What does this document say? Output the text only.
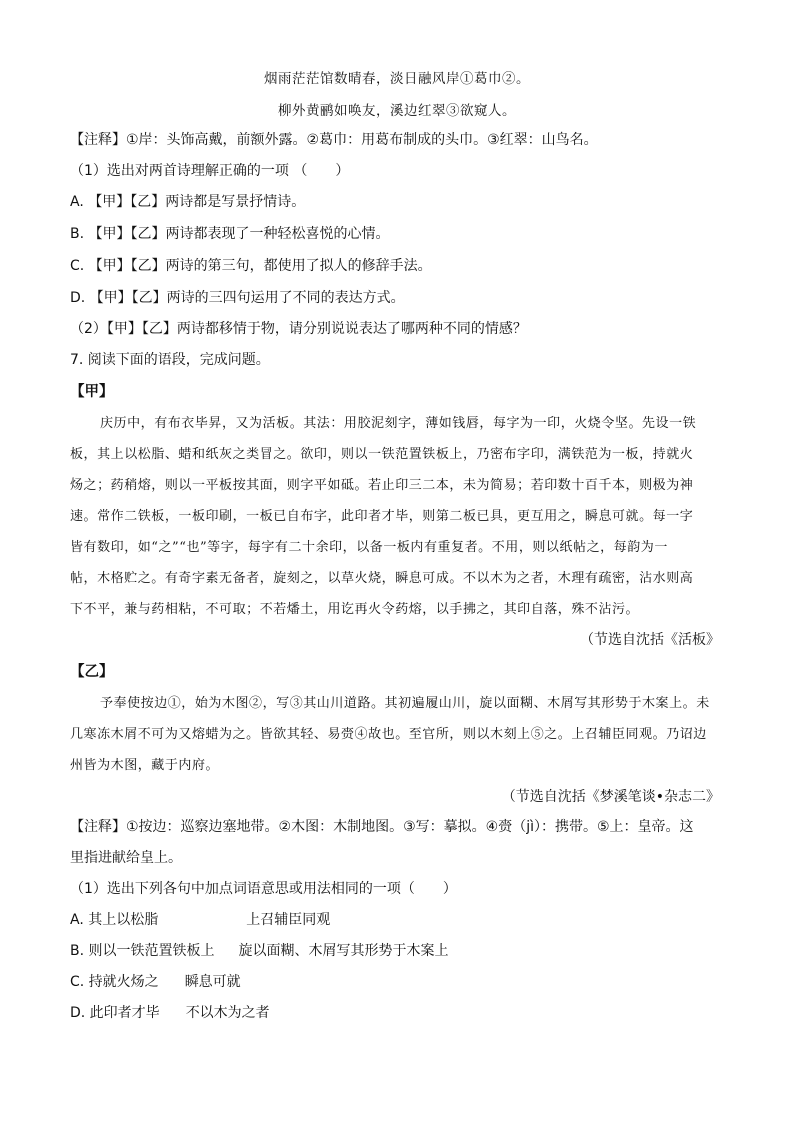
烟雨茫茫馆数晴春，淡日融风岸①葛巾②。
柳外黄鹂如唤友，溪边红翠③欲窥人。
【注释】①岸：头饰高戴，前额外露。②葛巾：用葛布制成的头巾。③红翠：山鸟名。
（1）选出对两首诗理解正确的一项 （　　）
A. 【甲】【乙】两诗都是写景抒情诗。
B. 【甲】【乙】两诗都表现了一种轻松喜悦的心情。
C. 【甲】【乙】两诗的第三句，都使用了拟人的修辞手法。
D. 【甲】【乙】两诗的三四句运用了不同的表达方式。
（2）【甲】【乙】两诗都移情于物，请分别说说表达了哪两种不同的情感？
7. 阅读下面的语段，完成问题。
【甲】
庆历中，有布衣毕昇，又为活板。其法：用胶泥刻字，薄如钱唇，每字为一印，火烧令坚。先设一铁
板，其上以松脂、蜡和纸灰之类冒之。欲印，则以一铁范置铁板上，乃密布字印，满铁范为一板，持就火
炀之；药稍熔，则以一平板按其面，则字平如砥。若止印三二本，未为简易；若印数十百千本，则极为神
速。常作二铁板，一板印刷，一板已自布字，此印者才毕，则第二板已具，更互用之，瞬息可就。每一字
皆有数印，如“之”“也”等字，每字有二十余印，以备一板内有重复者。不用，则以纸帖之，每韵为一
帖，木格贮之。有奇字素无备者，旋刻之，以草火烧，瞬息可成。不以木为之者，木理有疏密，沾水则高
下不平，兼与药相粘，不可取；不若燔土，用讫再火令药熔，以手拂之，其印自落，殊不沾污。
（节选自沈括《活板》
【乙】
予奉使按边①，始为木图②，写③其山川道路。其初遍履山川，旋以面糊、木屑写其形势于木案上。未
几寒冻木屑不可为又熔蜡为之。皆欲其轻、易赍④故也。至官所，则以木刻上⑤之。上召辅臣同观。乃诏边
州皆为木图，藏于内府。
（节选自沈括《梦溪笔谈•杂志二》
【注释】①按边：巡察边塞地带。②木图：木制地图。③写：摹拟。④赍（jì）：携带。⑤上：皇帝。这
里指进献给皇上。
（1）选出下列各句中加点词语意思或用法相同的一项（　　）
A. 其上以松脂	上召辅臣同观
B. 则以一铁范置铁板上 旋以面糊、木屑写其形势于木案上
C. 持就火炀之 瞬息可就
D. 此印者才毕 不以木为之者
